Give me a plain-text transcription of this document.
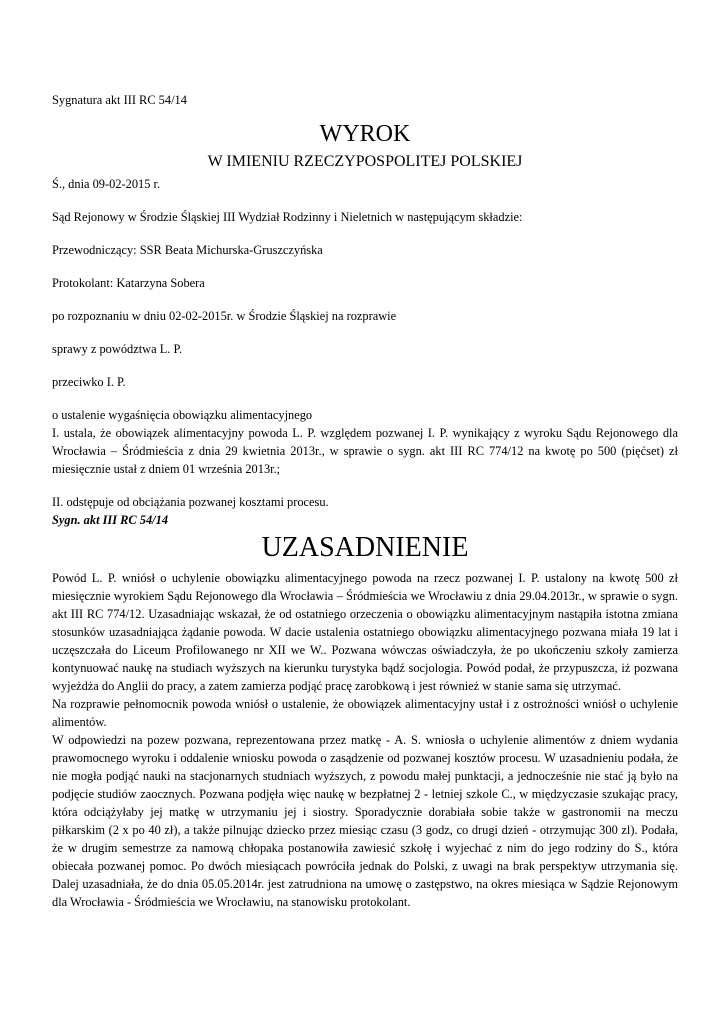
Sygnatura akt III RC 54/14

WYROK
W IMIENIU RZECZYPOSPOLITEJ POLSKIEJ

Ś., dnia 09-02-2015 r.

Sąd Rejonowy w Środzie Śląskiej III Wydział Rodzinny i Nieletnich w następującym składzie:

Przewodniczący: SSR Beata Michurska-Gruszczyńska

Protokolant: Katarzyna Sobera

po rozpoznaniu w dniu 02-02-2015r. w Środzie Śląskiej na rozprawie

sprawy z powództwa L. P.

przeciwko I. P.

o ustalenie wygaśnięcia obowiązku alimentacyjnego

I. ustala, że obowiązek alimentacyjny powoda L. P. względem pozwanej I. P. wynikający z wyroku Sądu Rejonowego dla Wrocławia – Śródmieścia z dnia 29 kwietnia 2013r., w sprawie o sygn. akt III RC 774/12 na kwotę po 500 (pięćset) zł miesięcznie ustał z dniem 01 września 2013r.;

II. odstępuje od obciążania pozwanej kosztami procesu.

Sygn. akt III RC 54/14

UZASADNIENIE

Powód L. P. wniósł o uchylenie obowiązku alimentacyjnego powoda na rzecz pozwanej I. P. ustalony na kwotę 500 zł miesięcznie wyrokiem Sądu Rejonowego dla Wrocławia – Śródmieścia we Wrocławiu z dnia 29.04.2013r., w sprawie o sygn. akt III RC 774/12. Uzasadniając wskazał, że od ostatniego orzeczenia o obowiązku alimentacyjnym nastąpiła istotna zmiana stosunków uzasadniająca żądanie powoda. W dacie ustalenia ostatniego obowiązku alimentacyjnego pozwana miała 19 lat i uczęszczała do Liceum Profilowanego nr XII we W.. Pozwana wówczas oświadczyła, że po ukończeniu szkoły zamierza kontynuować naukę na studiach wyższych na kierunku turystyka bądź socjologia. Powód podał, że przypuszcza, iż pozwana wyjeżdża do Anglii do pracy, a zatem zamierza podjąć pracę zarobkową i jest również w stanie sama się utrzymać.

Na rozprawie pełnomocnik powoda wniósł o ustalenie, że obowiązek alimentacyjny ustał i z ostrożności wniósł o uchylenie alimentów.

W odpowiedzi na pozew pozwana, reprezentowana przez matkę - A. S. wniosła o uchylenie alimentów z dniem wydania prawomocnego wyroku i oddalenie wniosku powoda o zasądzenie od pozwanej kosztów procesu. W uzasadnieniu podała, że nie mogła podjąć nauki na stacjonarnych studniach wyższych, z powodu małej punktacji, a jednocześnie nie stać ją było na podjęcie studiów zaocznych. Pozwana podjęła więc naukę w bezpłatnej 2 - letniej szkole C., w międzyczasie szukając pracy, która odciążyłaby jej matkę w utrzymaniu jej i siostry. Sporadycznie dorabiała sobie także w gastronomii na meczu piłkarskim (2 x po 40 zł), a także pilnując dziecko przez miesiąc czasu (3 godz, co drugi dzień - otrzymując 300 zl). Podała, że w drugim semestrze za namową chłopaka postanowiła zawiesić szkołę i wyjechać z nim do jego rodziny do S., która obiecała pozwanej pomoc. Po dwóch miesiącach powróciła jednak do Polski, z uwagi na brak perspektyw utrzymania się. Dalej uzasadniała, że do dnia 05.05.2014r. jest zatrudniona na umowę o zastępstwo, na okres miesiąca w Sądzie Rejonowym dla Wrocławia - Śródmieścia we Wrocławiu, na stanowisku protokolant.
